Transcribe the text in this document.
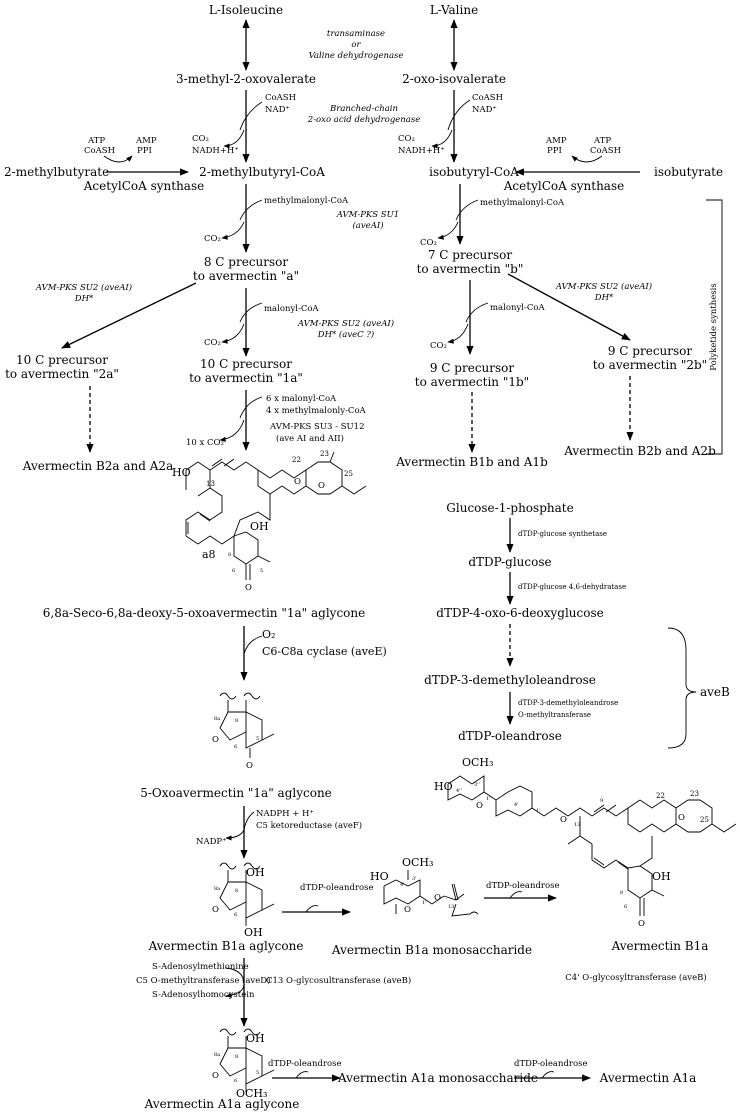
L-Isoleucine
transaminase
or
Valine dehydrogenase
3-methyl-2-oxovalerate
CoASH
NAD⁺	Branched-chain
2-oxo acid dehydrogenase
CO₂
NADH+H⁺
ATP
CoASH
AMP
PPI
2-methylbutyrate	2-methylbutyryl-CoA
AcetylCoA synthase
methylmalonyl-CoA
AVM-PKS SU1
(aveAI)
CO₂
8 C precursor
to avermectin "a"
AVM-PKS SU2 (aveAI)
DH*
malonyl-CoA
AVM-PKS SU2 (aveAI)
DH* (aveC ?)
CO₂
10 C precursor
to avermectin "2a"
10 C precursor
to avermectin "1a"
Avermectin B2a and A2a
6 x malonyl-CoA
4 x methylmalonly-CoA
AVM-PKS SU3 - SU12
(ave AI and AII)
10 x CO₂
HO
13
22
23
25
O O
OH
a8 8
6	5
O
6,8a-Seco-6,8a-deoxy-5-oxoavermectin "1a" aglycone
O₂
C6-C8a cyclase (aveE)
8a	8
6
5
O
O
5-Oxoavermectin "1a" aglycone
NADPH + H⁺
C5 ketoreductase (aveF)
NADP⁺
OH
8a	8
6
O
OH
Avermectin B1a aglycone
S-Adenosylmethionine
C5 O-methyltransferase (aveD)
S-Adenosylhomocystein
C13 O-glycosultransferase (aveB)
OH
8a	8
6
5
O
OCH₃
Avermectin A1a aglycone
dTDP-oleandrose
Avermectin A1a monosaccharide
dTDP-oleandrose
Avermectin A1a
dTDP-oleandrose
HO
OCH₃
4'
3'
1'
13
O
O
Avermectin B1a monosaccharide
dTDP-oleandrose
Avermectin B1a
C4' O-glycosyltransferase (aveB)
HO
OCH₃
4''
3''
1''
4'
1'
13
9
22	23
25
O
O	O
OH
8
6
O
L-Valine
2-oxo-isovalerate
CoASH
NAD⁺
CO₂
NADH+H⁺
AMP
PPI
ATP
CoASH
isobutyryl-CoA	isobutyrate
AcetylCoA synthase
methylmalonyl-CoA
CO₂
7 C precursor
to avermectin "b"
AVM-PKS SU2 (aveAI)
DH*
malonyl-CoA
CO₂
9 C precursor
to avermectin "1b"
9 C precursor
to avermectin "2b" Polyketide synthesis
Avermectin B1b and A1b
Avermectin B2b and A2b
Glucose-1-phosphate
dTDP-glucose synthetase
dTDP-glucose
dTDP-glucose 4,6-dehydratase
dTDP-4-oxo-6-deoxyglucose
dTDP-3-demethyloleandrose
dTDP-3-demethyloleandrose
O-methyltransferase
dTDP-oleandrose
aveB
